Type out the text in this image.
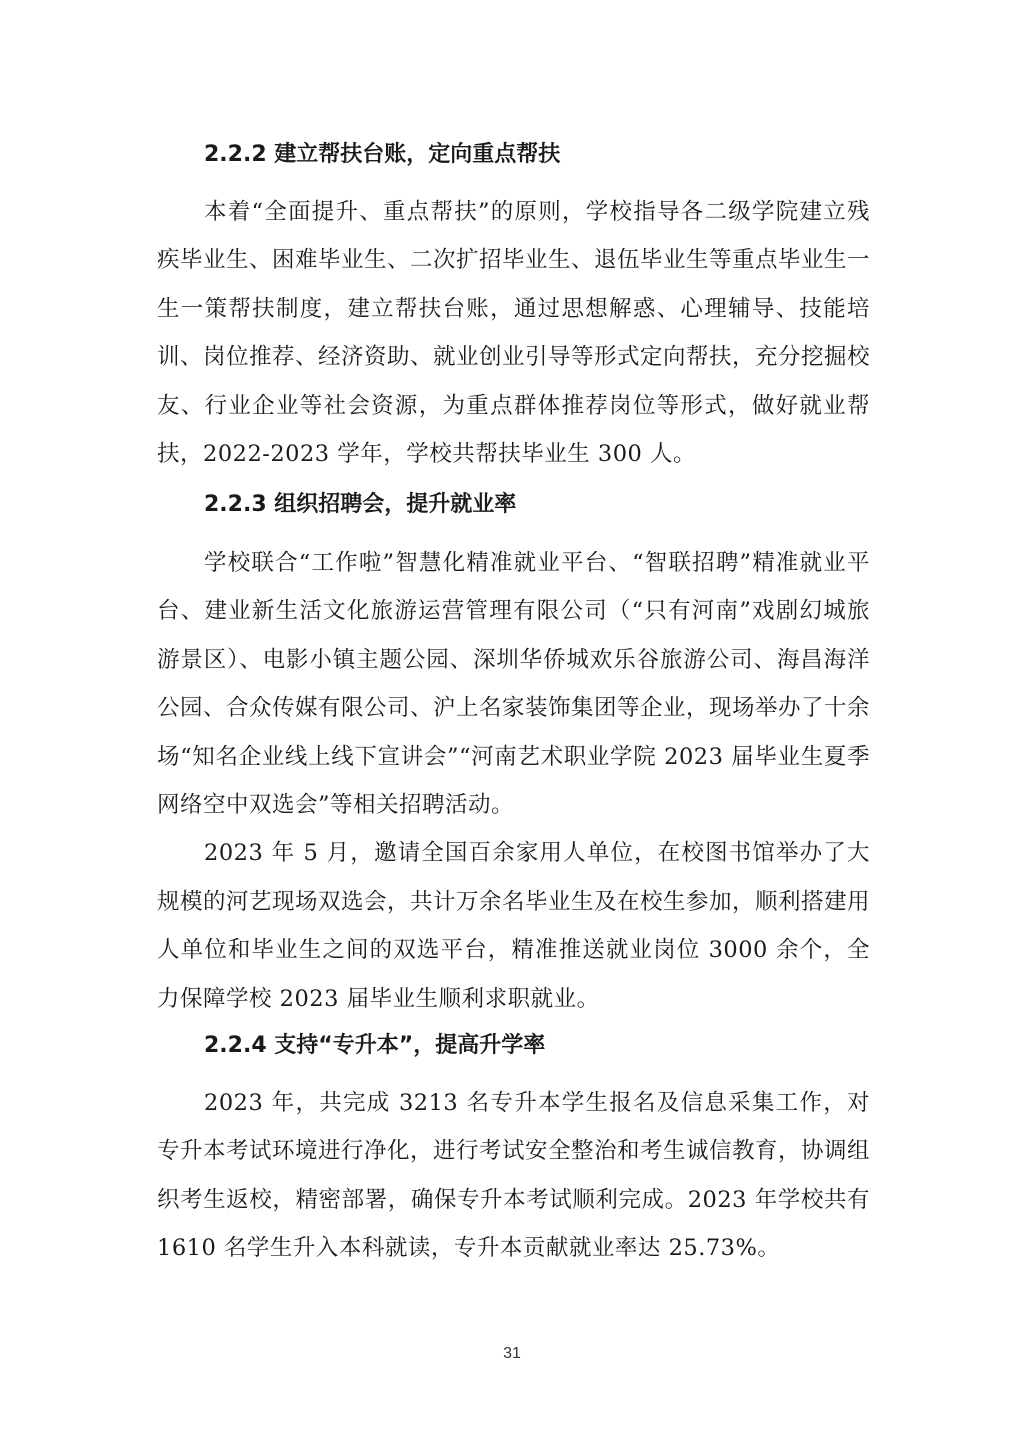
2.2.2 建立帮扶台账，定向重点帮扶

本着“全面提升、重点帮扶”的原则，学校指导各二级学院建立残疾毕业生、困难毕业生、二次扩招毕业生、退伍毕业生等重点毕业生一生一策帮扶制度，建立帮扶台账，通过思想解惑、心理辅导、技能培训、岗位推荐、经济资助、就业创业引导等形式定向帮扶，充分挖掘校友、行业企业等社会资源，为重点群体推荐岗位等形式，做好就业帮扶，2022-2023 学年，学校共帮扶毕业生 300 人。

2.2.3 组织招聘会，提升就业率

学校联合“工作啦”智慧化精准就业平台、“智联招聘”精准就业平台、建业新生活文化旅游运营管理有限公司（“只有河南”戏剧幻城旅游景区）、电影小镇主题公园、深圳华侨城欢乐谷旅游公司、海昌海洋公园、合众传媒有限公司、沪上名家装饰集团等企业，现场举办了十余场“知名企业线上线下宣讲会”“河南艺术职业学院 2023 届毕业生夏季网络空中双选会”等相关招聘活动。

2023 年 5 月，邀请全国百余家用人单位，在校图书馆举办了大规模的河艺现场双选会，共计万余名毕业生及在校生参加，顺利搭建用人单位和毕业生之间的双选平台，精准推送就业岗位 3000 余个，全力保障学校 2023 届毕业生顺利求职就业。

2.2.4 支持“专升本”，提高升学率

2023 年，共完成 3213 名专升本学生报名及信息采集工作，对专升本考试环境进行净化，进行考试安全整治和考生诚信教育，协调组织考生返校，精密部署，确保专升本考试顺利完成。2023 年学校共有 1610 名学生升入本科就读，专升本贡献就业率达 25.73%。

31
